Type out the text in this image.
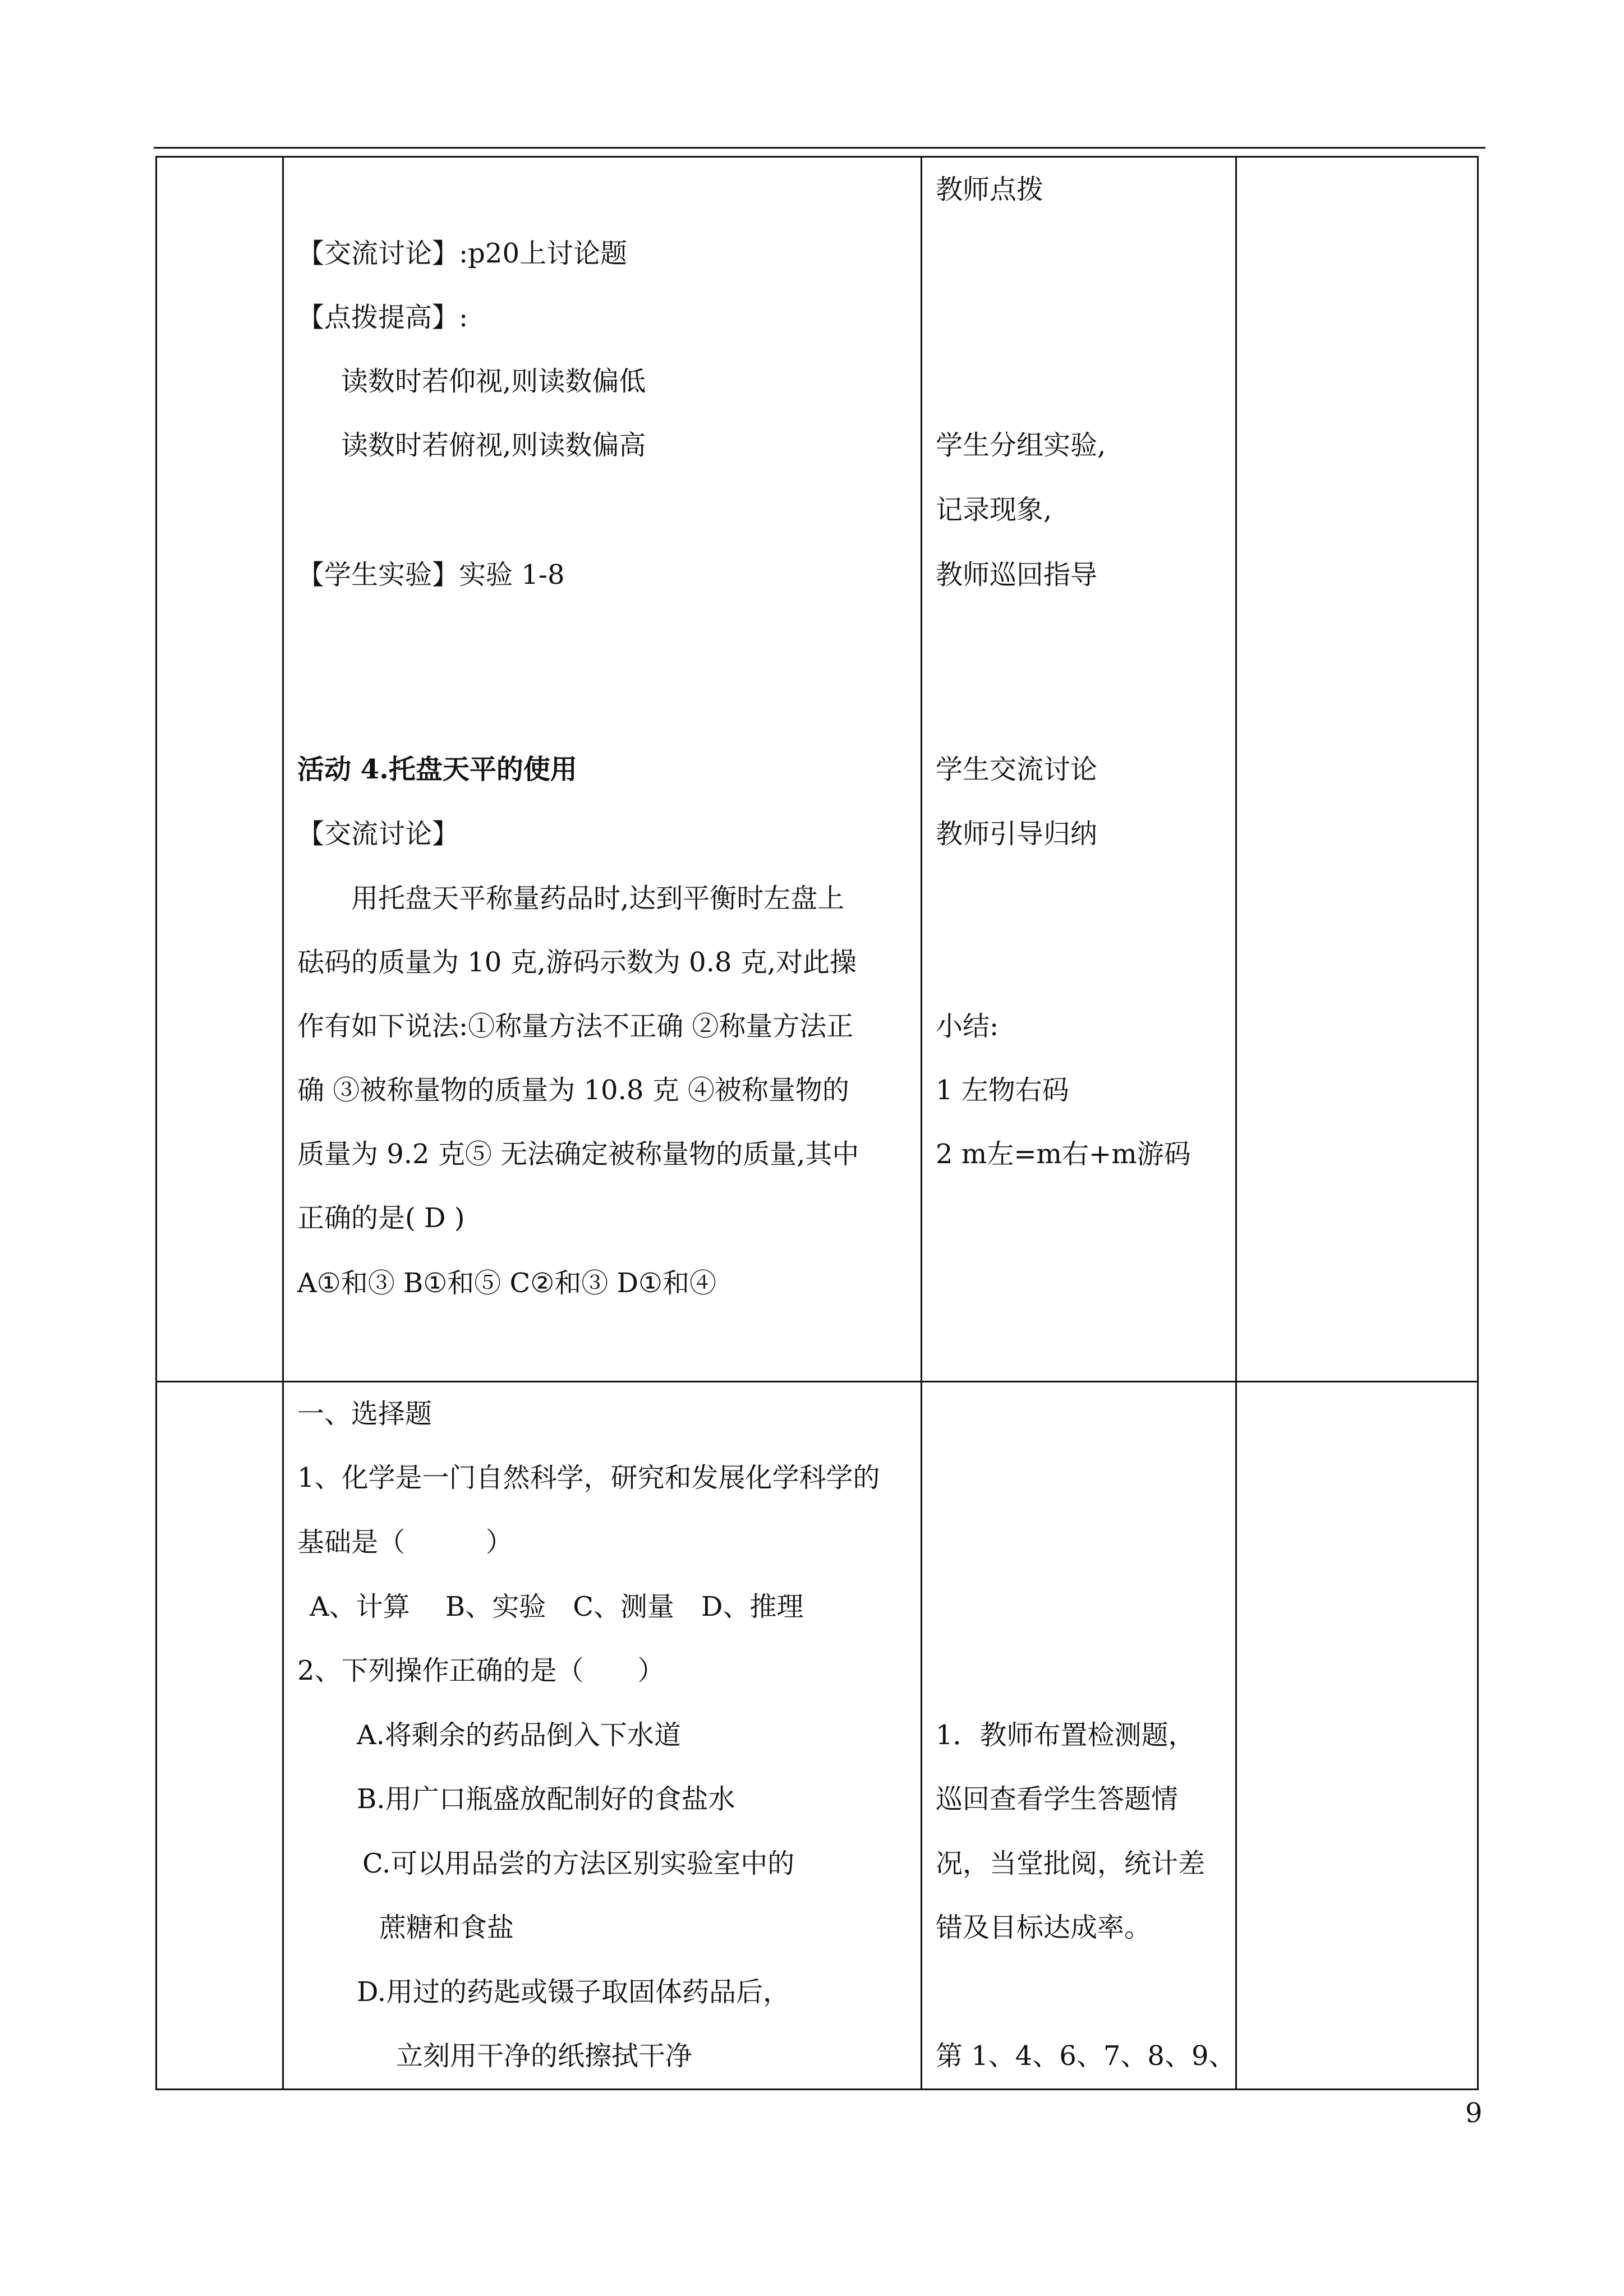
【交流讨论】:p20上讨论题
【点拨提高】:
读数时若仰视,则读数偏低
读数时若俯视,则读数偏高
【学生实验】实验 1-8
活动 4.托盘天平的使用
【交流讨论】
用托盘天平称量药品时,达到平衡时左盘上
砝码的质量为 10 克,游码示数为 0.8 克,对此操
作有如下说法:①称量方法不正确 ②称量方法正
确 ③被称量物的质量为 10.8 克 ④被称量物的
质量为 9.2 克⑤ 无法确定被称量物的质量,其中
正确的是( D )
A①和③ B①和⑤ C②和③ D①和④
教师点拨
学生分组实验,
记录现象,
教师巡回指导
学生交流讨论
教师引导归纳
小结:
1 左物右码
2 m左=m右+m游码
一、选择题
1、化学是一门自然科学，研究和发展化学科学的
基础是（　　　）
A、计算　 B、实验　C、测量　D、推理
2、下列操作正确的是（　　）
A.将剩余的药品倒入下水道
B.用广口瓶盛放配制好的食盐水
C.可以用品尝的方法区别实验室中的
蔗糖和食盐
D.用过的药匙或镊子取固体药品后，
立刻用干净的纸擦拭干净
1．教师布置检测题，
巡回查看学生答题情
况，当堂批阅，统计差
错及目标达成率。
第 1、4、6、7、8、9、
9
